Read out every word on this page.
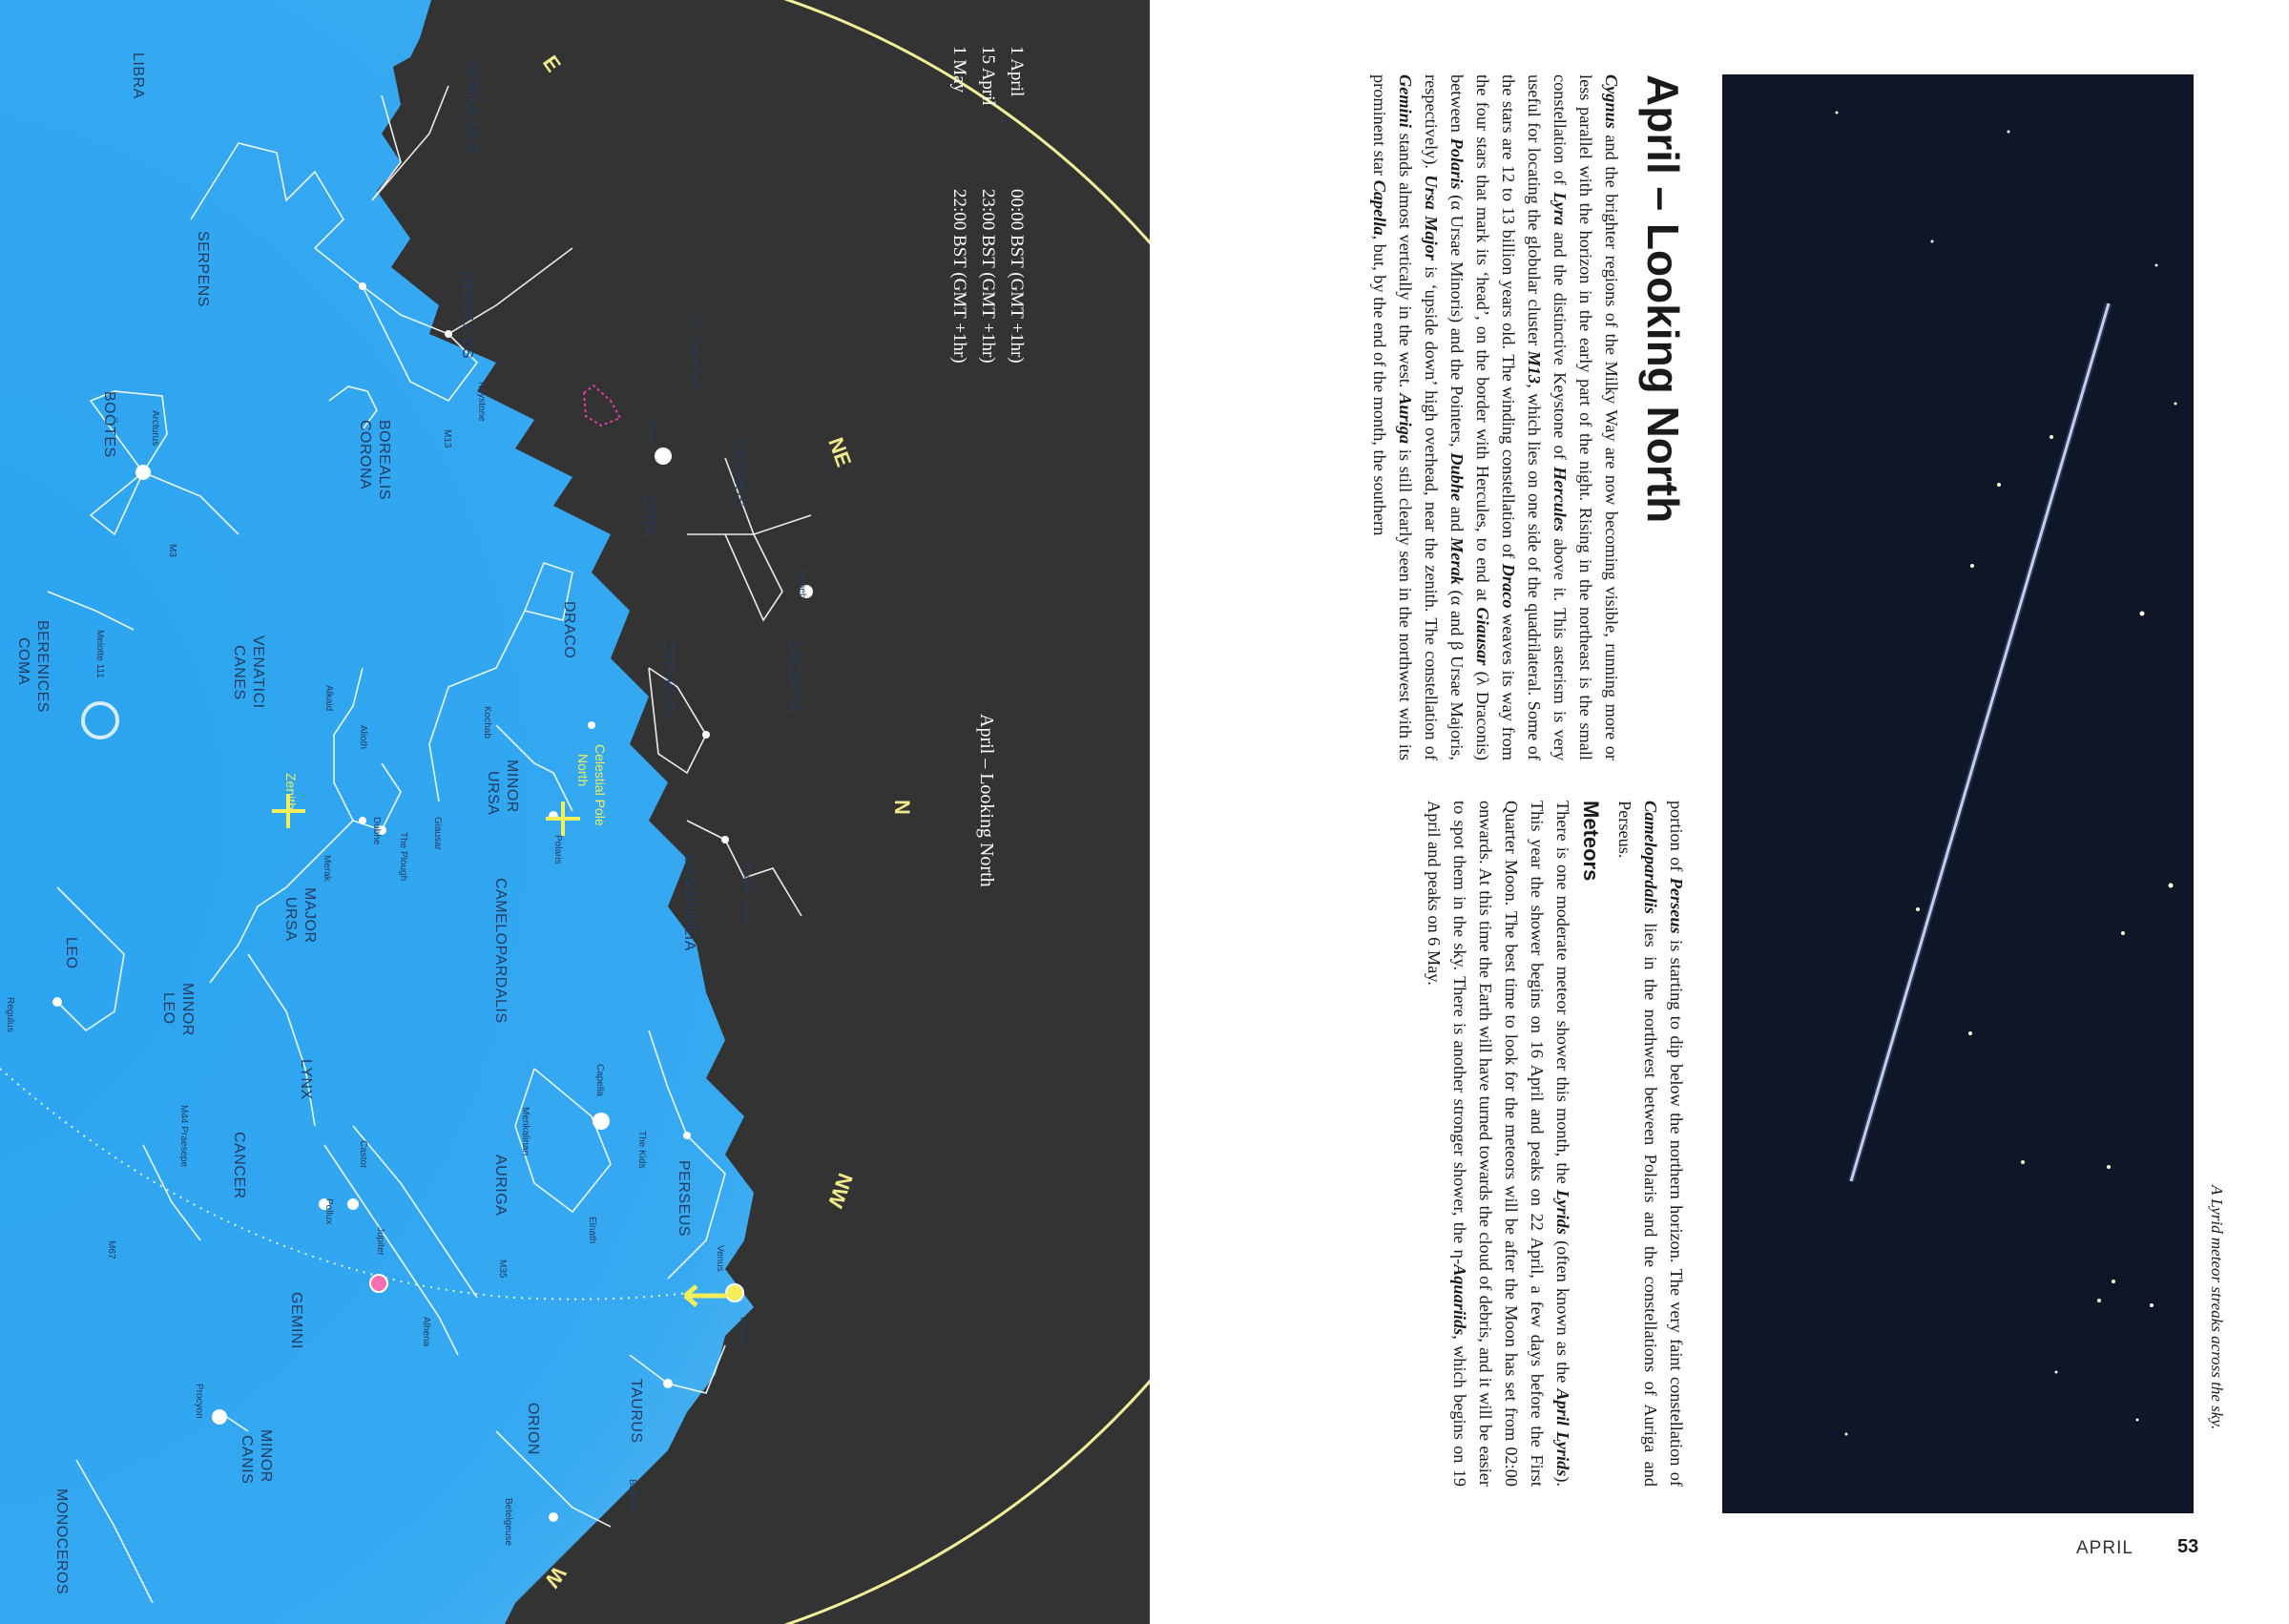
LIBRA	OPHIUCHUS
SERPENS
BOÖTES
HERCULES
CORONA BOREALIS
COMA BERENICES	CANES VENATICI
LYRA
CYGNUS
DRACO
CEPHEUS	LACERTA
URSA MINOR
URSA MAJOR
LEO
LEO MINOR	CAMELOPARDALIS	CASSIOPEIA
LYNX
CANCER	AURIGA	PERSEUS
GEMINI
CANIS MINOR
ORION	TAURUS
MONOCEROS
Arcturus
M3
M13
Keystone
M57 Ring Nebula
Vega
Deneb
Kochab
Alkaid
Alioth
Dubhe
Merak	The Plough	Giausar	Polaris
Melotte 111
Regulus
M44 Praesepe
M67
Pollux
Castor	Menkalinan
Capella
The Kids
Elnath
Double Cluster
Jupiter
M35
Alhena
Venus
Hyades
Procyon
Betelgeuse
Bellatrix
Zenith
North Celestial Pole
E
NE
N
NW
W
April – Looking North
1 April
00:00 BST (GMT +1hr)
15 April
23:00 BST (GMT +1hr)
1 May
22:00 BST (GMT +1hr)	April – Looking North

Cygnus and the brighter regions of the Milky Way are now becoming visible, running more or less parallel with the horizon in the early part of the night. Rising in the northeast is the small constellation of Lyra and the distinctive Keystone of Hercules above it. This asterism is very useful for locating the globular cluster M13, which lies on one side of the quadrilateral. Some of the stars are 12 to 13 billion years old. The winding constellation of Draco weaves its way from the four stars that mark its ‘head’, on the border with Hercules, to end at Giausar (λ Draconis) between Polaris (α Ursae Minoris) and the Pointers, Dubhe and Merak (α and β Ursae Majoris, respectively). Ursa Major is ‘upside down’ high overhead, near the zenith. The constellation of Gemini stands almost vertically in the west. Auriga is still clearly seen in the northwest with its prominent star Capella, but, by the end of the month, the southern

portion of Perseus is starting to dip below the northern horizon. The very faint constellation of Camelopardalis lies in the northwest between Polaris and the constellations of Auriga and Perseus.

Meteors

There is one moderate meteor shower this month, the Lyrids (often known as the April Lyrids). This year the shower begins on 16 April and peaks on 22 April, a few days before the First Quarter Moon. The best time to look for the meteors will be after the Moon has set from 02:00 onwards. At this time the Earth will have turned towards the cloud of debris, and it will be easier to spot them in the sky. There is another stronger shower, the η-Aquariids, which begins on 19 April and peaks on 6 May.

A Lyrid meteor streaks across the sky.
APRIL 53
